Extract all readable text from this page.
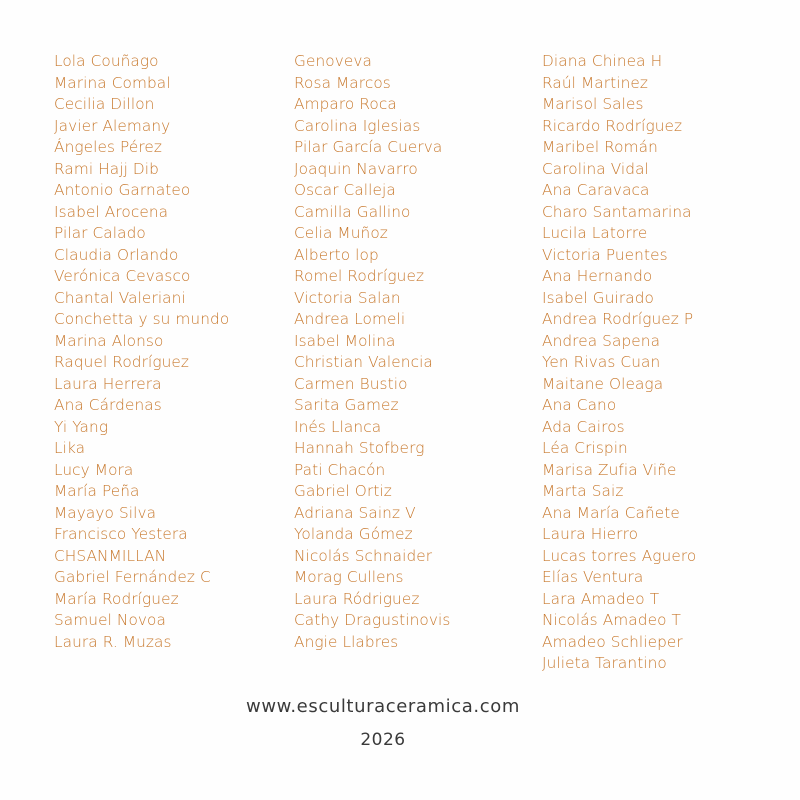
Lola Couñago
Marina Combal
Cecilia Dillon
Javier Alemany
Ángeles Pérez
Rami Hajj Dib
Antonio Garnateo
Isabel Arocena
Pilar Calado
Claudia Orlando
Verónica Cevasco
Chantal Valeriani
Conchetta y su mundo
Marina Alonso
Raquel Rodríguez
Laura Herrera
Ana Cárdenas
Yi Yang
Lika
Lucy Mora
María Peña
Mayayo Silva
Francisco Yestera
CHSANMILLAN
Gabriel Fernández C
María Rodríguez
Samuel Novoa
Laura R. Muzas
Genoveva
Rosa Marcos
Amparo Roca
Carolina Iglesias
Pilar García Cuerva
Joaquin Navarro
Oscar Calleja
Camilla Gallino
Celia Muñoz
Alberto lop
Romel Rodríguez
Victoria Salan
Andrea Lomeli
Isabel Molina
Christian Valencia
Carmen Bustio
Sarita Gamez
Inés Llanca
Hannah Stofberg
Pati Chacón
Gabriel Ortiz
Adriana Sainz V
Yolanda Gómez
Nicolás Schnaider
Morag Cullens
Laura Ródriguez
Cathy Dragustinovis
Angie Llabres
Diana Chinea H
Raúl Martinez
Marisol Sales
Ricardo Rodríguez
Maribel Román
Carolina Vidal
Ana Caravaca
Charo Santamarina
Lucila Latorre
Victoria Puentes
Ana Hernando
Isabel Guirado
Andrea Rodríguez P
Andrea Sapena
Yen Rivas Cuan
Maitane Oleaga
Ana Cano
Ada Cairos
Léa Crispin
Marisa Zufia Viñe
Marta Saiz
Ana María Cañete
Laura Hierro
Lucas torres Aguero
Elías Ventura
Lara Amadeo T
Nicolás Amadeo T
Amadeo Schlieper
Julieta Tarantino
www.esculturaceramica.com
2026
